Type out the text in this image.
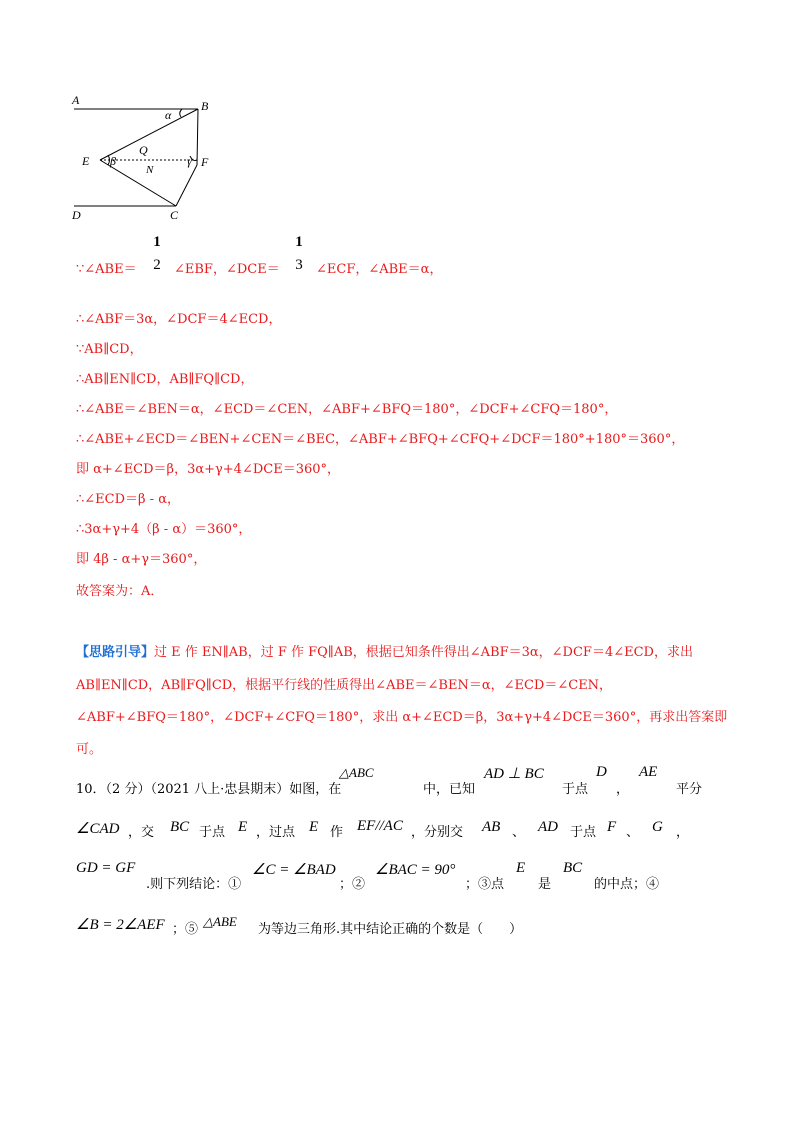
A	B
C
D
E	F
Q
N
α
β	γ
∵∠ABE＝
1
2 ∠EBF，∠DCE＝
1
3 ∠ECF，∠ABE＝α，
∴∠ABF＝3α，∠DCF＝4∠ECD，
∵AB∥CD，
∴AB∥EN∥CD，AB∥FQ∥CD，
∴∠ABE＝∠BEN＝α，∠ECD＝∠CEN，∠ABF+∠BFQ＝180°，∠DCF+∠CFQ＝180°，
∴∠ABE+∠ECD＝∠BEN+∠CEN＝∠BEC，∠ABF+∠BFQ+∠CFQ+∠DCF＝180°+180°＝360°，
即 α+∠ECD＝β，3α+γ+4∠DCE＝360°，
∴∠ECD＝β - α，
∴3α+γ+4（β - α）＝360°，
即 4β - α+γ＝360°，
故答案为：A．
【思路引导】过 E 作 EN∥AB，过 F 作 FQ∥AB，根据已知条件得出∠ABF＝3α，∠DCF＝4∠ECD，求出
AB∥EN∥CD，AB∥FQ∥CD，根据平行线的性质得出∠ABE＝∠BEN＝α，∠ECD＝∠CEN，
∠ABF+∠BFQ＝180°，∠DCF+∠CFQ＝180°，求出 α+∠ECD＝β，3α+γ+4∠DCE＝360°，再求出答案即
可。
10．（2 分）（2021 八上·忠县期末）如图，在
△ABC
中，已知
AD ⊥ BC
于点
D
，
AE
平分
∠CAD ，交 BC 于点 E ，过点 E 作 EF//AC ，分别交 AB 、 AD 于点 F 、 G ，
GD = GF
.则下列结论：①
∠C = ∠BAD
；②
∠BAC = 90°
；③点
E
是
BC
的中点；④
∠B = 2∠AEF ；⑤
△ABE
为等边三角形.其中结论正确的个数是（　　）
